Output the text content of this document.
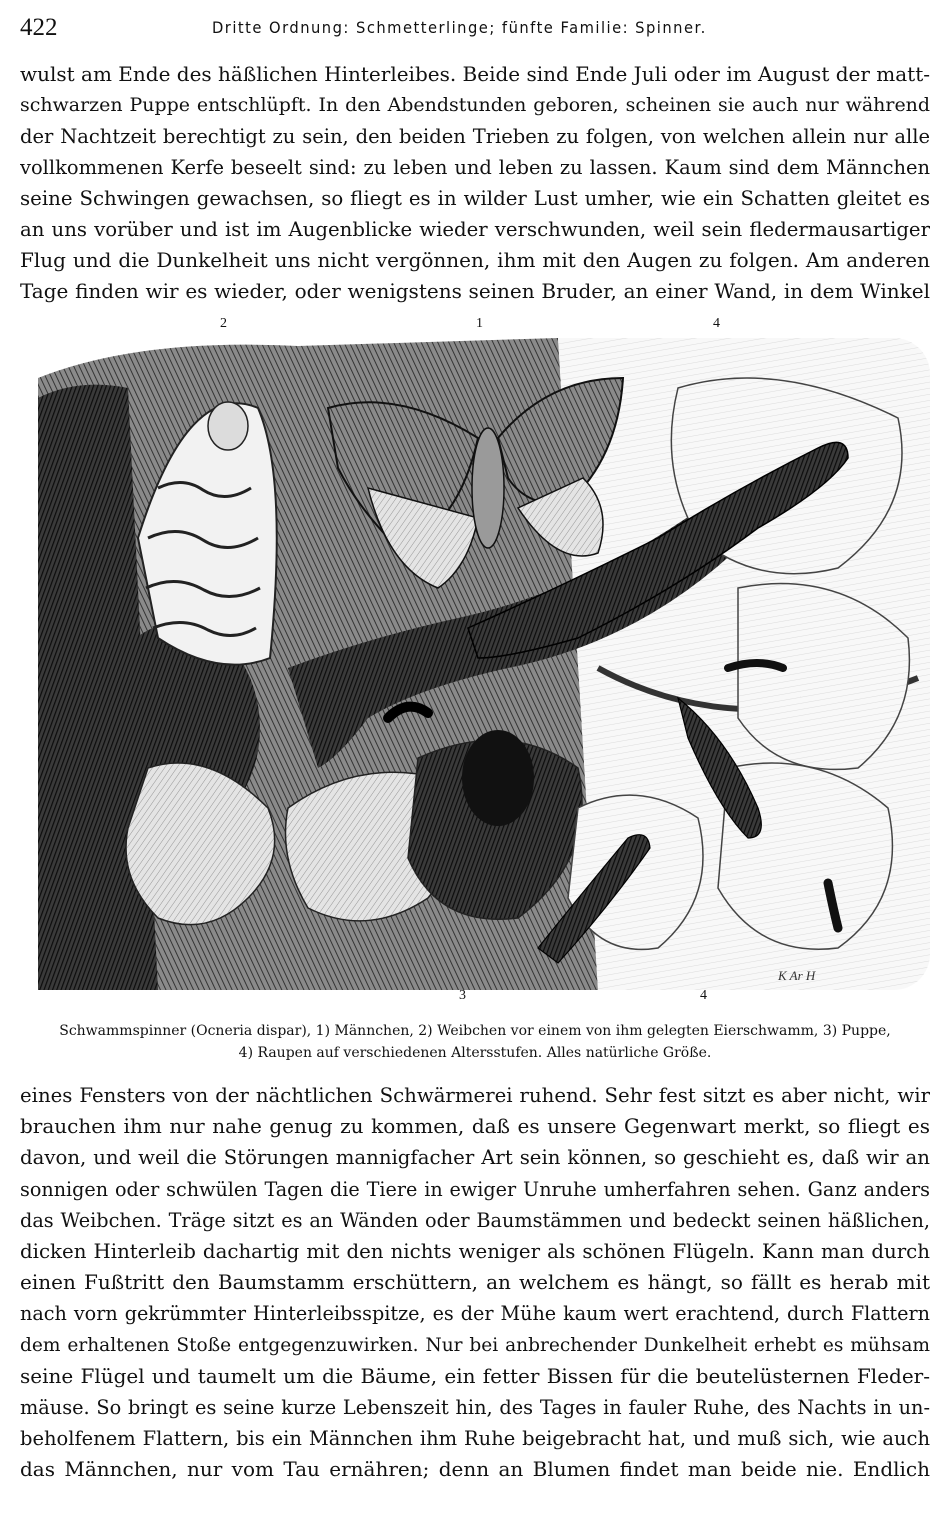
422	Dritte Ordnung: Schmetterlinge; fünfte Familie: Spinner.
wulst am Ende des häßlichen Hinterleibes. Beide sind Ende Juli oder im August der matt-
schwarzen Puppe entschlüpft. In den Abendstunden geboren, scheinen sie auch nur während
der Nachtzeit berechtigt zu sein, den beiden Trieben zu folgen, von welchen allein nur alle
vollkommenen Kerfe beseelt sind: zu leben und leben zu lassen. Kaum sind dem Männchen
seine Schwingen gewachsen, so fliegt es in wilder Lust umher, wie ein Schatten gleitet es
an uns vorüber und ist im Augenblicke wieder verschwunden, weil sein fledermausartiger
Flug und die Dunkelheit uns nicht vergönnen, ihm mit den Augen zu folgen. Am anderen
Tage finden wir es wieder, oder wenigstens seinen Bruder, an einer Wand, in dem Winkel
2	1	4
K Ar H
3	4
Schwammspinner (Ocneria dispar), 1) Männchen, 2) Weibchen vor einem von ihm gelegten Eierschwamm, 3) Puppe,
4) Raupen auf verschiedenen Altersstufen. Alles natürliche Größe.
eines Fensters von der nächtlichen Schwärmerei ruhend. Sehr fest sitzt es aber nicht, wir
brauchen ihm nur nahe genug zu kommen, daß es unsere Gegenwart merkt, so fliegt es
davon, und weil die Störungen mannigfacher Art sein können, so geschieht es, daß wir an
sonnigen oder schwülen Tagen die Tiere in ewiger Unruhe umherfahren sehen. Ganz anders
das Weibchen. Träge sitzt es an Wänden oder Baumstämmen und bedeckt seinen häßlichen,
dicken Hinterleib dachartig mit den nichts weniger als schönen Flügeln. Kann man durch
einen Fußtritt den Baumstamm erschüttern, an welchem es hängt, so fällt es herab mit
nach vorn gekrümmter Hinterleibsspitze, es der Mühe kaum wert erachtend, durch Flattern
dem erhaltenen Stoße entgegenzuwirken. Nur bei anbrechender Dunkelheit erhebt es mühsam
seine Flügel und taumelt um die Bäume, ein fetter Bissen für die beutelüsternen Fleder-
mäuse. So bringt es seine kurze Lebenszeit hin, des Tages in fauler Ruhe, des Nachts in un-
beholfenem Flattern, bis ein Männchen ihm Ruhe beigebracht hat, und muß sich, wie auch
das Männchen, nur vom Tau ernähren; denn an Blumen findet man beide nie. Endlich
